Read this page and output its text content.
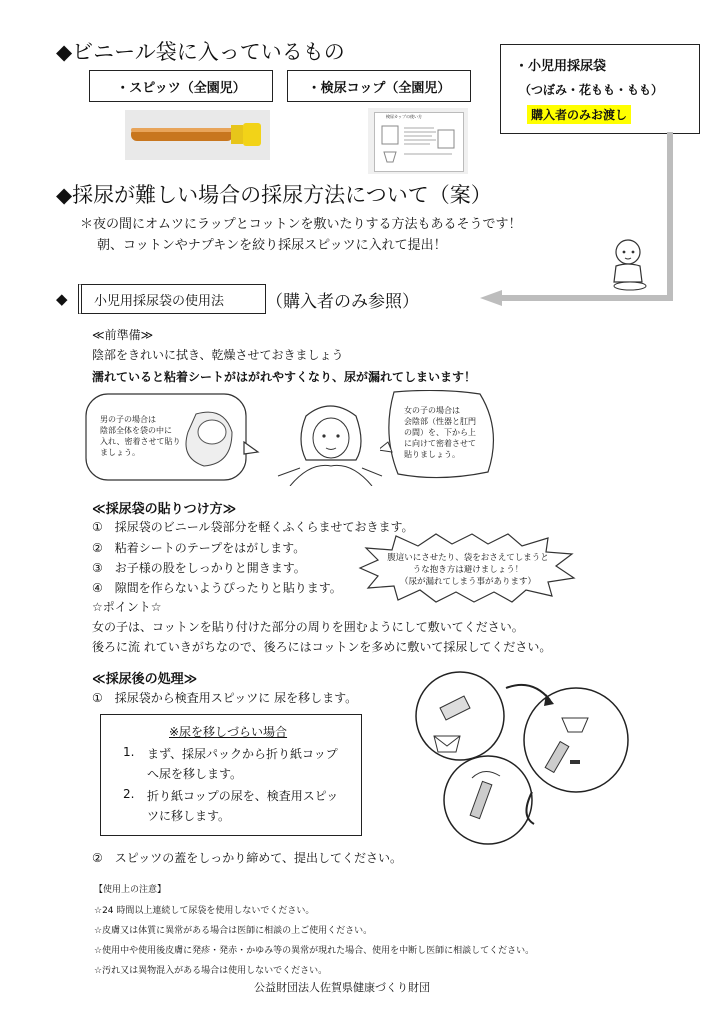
◆ビニール袋に入っているもの
・スピッツ（全園児）	・検尿コップ（全園児）
検尿カップの使い方
・小児用採尿袋
（つぼみ・花もも・もも）
購入者のみお渡し
◆採尿が難しい場合の採尿方法について（案）
＊夜の間にオムツにラップとコットンを敷いたりする方法もあるそうです！
朝、コットンやナプキンを絞り採尿スピッツに入れて提出！
◆	小児用採尿袋の使用法	（購入者のみ参照）
≪前準備≫
陰部をきれいに拭き、乾燥させておきましょう
濡れていると粘着シートがはがれやすくなり、尿が漏れてしまいます！
男の子の場合は
陰部全体を袋の中に
入れ、密着させて貼り
ましょう。
女の子の場合は
会陰部（性器と肛門
の間）を、下から上
に向けて密着させて
貼りましょう。
≪採尿袋の貼りつけ方≫
①　採尿袋のビニール袋部分を軽くふくらませておきます。
②　粘着シートのテープをはがします。
③　お子様の股をしっかりと開きます。
④　隙間を作らないようぴったりと貼ります。
腹這いにさせたり、袋をおさえてしまうと
うな抱き方は避けましょう！
（尿が漏れてしまう事があります）
☆ポイント☆
女の子は、コットンを貼り付けた部分の周りを囲むようにして敷いてください。
後ろに流 れていきがちなので、後ろにはコットンを多めに敷いて採尿してください。
≪採尿後の処理≫
①　採尿袋から検査用スピッツに 尿を移します。
※尿を移しづらい場合
1. まず、採尿パックから折り紙コップ
へ尿を移します。
2. 折り紙コップの尿を、検査用スピッ
ツに移します。
②　スピッツの蓋をしっかり締めて、提出してください。
【使用上の注意】
☆24 時間以上連続して尿袋を使用しないでください。
☆皮膚又は体質に異常がある場合は医師に相談の上ご使用ください。
☆使用中や使用後皮膚に発疹・発赤・かゆみ等の異常が現れた場合、使用を中断し医師に相談してください。
☆汚れ又は異物混入がある場合は使用しないでください。
公益財団法人佐賀県健康づくり財団
